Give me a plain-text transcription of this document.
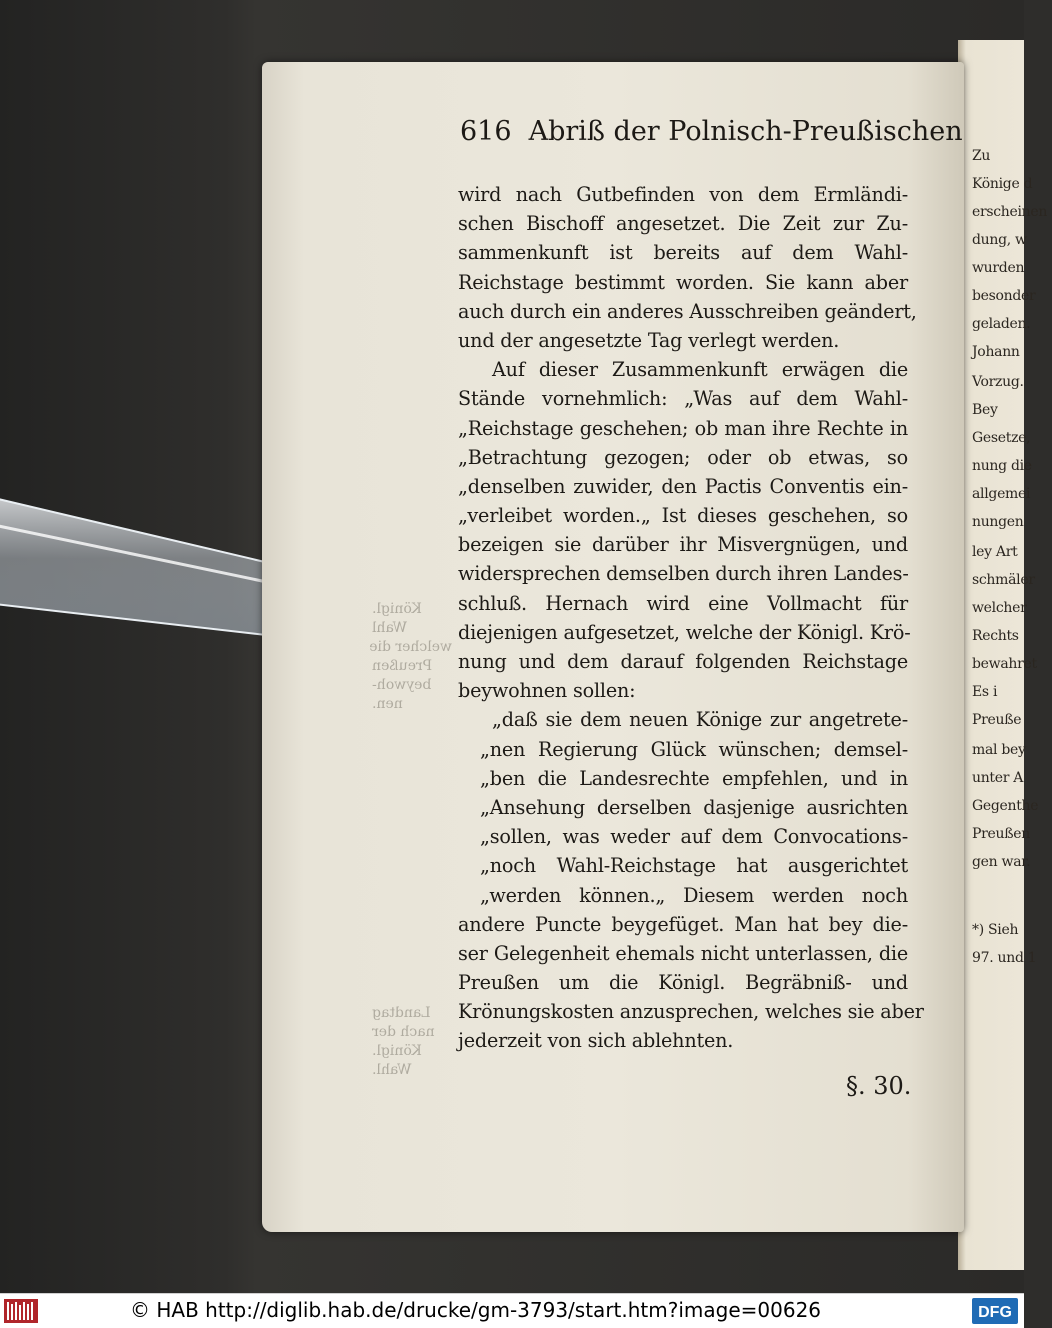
Zu
Könige d
erscheinen
dung, w
wurden
besonder
geladen.
Johann
Vorzug.
Bey
Gesetze,
nung die
allgemei
nungen
ley Art
schmäler
welcher
Rechts
bewahret
Es i
Preuße
mal bey
unter A
Gegenthe
Preußen
gen war.
*) Sieh
97. und 1
Königl.
Wahl
welcher die
Preußen
beywoh-
nen.
Landtag
nach der
Königl.
Wahl.
616 Abriß der Polnisch-Preußischen
wird nach Gutbefinden von dem Ermländi-
schen Bischoff angesetzet. Die Zeit zur Zu-
sammenkunft ist bereits auf dem Wahl-
Reichstage bestimmt worden. Sie kann aber
auch durch ein anderes Ausschreiben geändert,
und der angesetzte Tag verlegt werden.
Auf dieser Zusammenkunft erwägen die
Stände vornehmlich: „Was auf dem Wahl-
„Reichstage geschehen; ob man ihre Rechte in
„Betrachtung gezogen; oder ob etwas, so
„denselben zuwider, den Pactis Conventis ein-
„verleibet worden.„ Ist dieses geschehen, so
bezeigen sie darüber ihr Misvergnügen, und
widersprechen demselben durch ihren Landes-
schluß. Hernach wird eine Vollmacht für
diejenigen aufgesetzet, welche der Königl. Krö-
nung und dem darauf folgenden Reichstage
beywohnen sollen:
„daß sie dem neuen Könige zur angetrete-
„nen Regierung Glück wünschen; demsel-
„ben die Landesrechte empfehlen, und in
„Ansehung derselben dasjenige ausrichten
„sollen, was weder auf dem Convocations-
„noch Wahl-Reichstage hat ausgerichtet
„werden können.„ Diesem werden noch
andere Puncte beygefüget. Man hat bey die-
ser Gelegenheit ehemals nicht unterlassen, die
Preußen um die Königl. Begräbniß- und
Krönungskosten anzusprechen, welches sie aber
jederzeit von sich ablehnten.
§. 30.
© HAB http://diglib.hab.de/drucke/gm-3793/start.htm?image=00626	DFG
